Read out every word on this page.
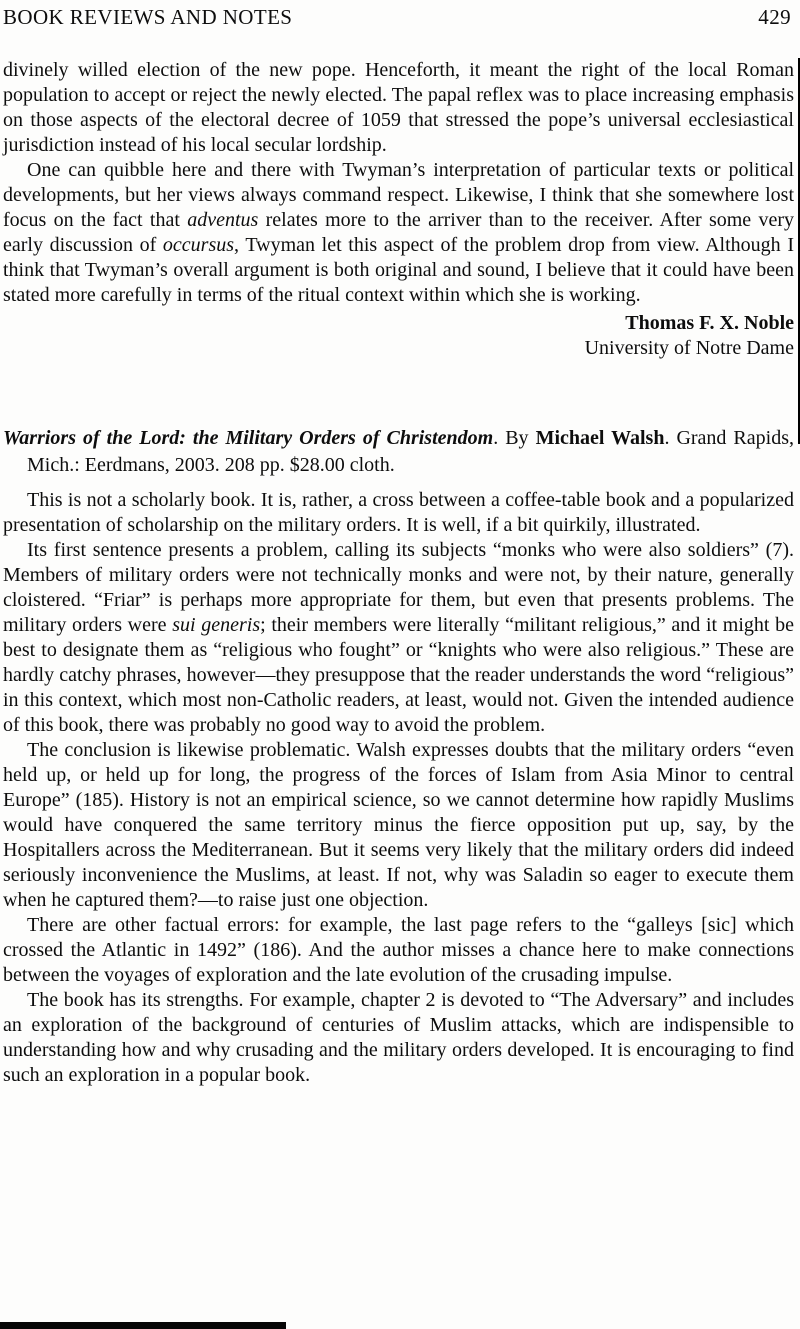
BOOK REVIEWS AND NOTES	429

divinely willed election of the new pope. Henceforth, it meant the right of the local Roman population to accept or reject the newly elected. The papal reflex was to place increasing emphasis on those aspects of the electoral decree of 1059 that stressed the pope’s universal ecclesiastical jurisdiction instead of his local secular lordship.

One can quibble here and there with Twyman’s interpretation of particular texts or political developments, but her views always command respect. Likewise, I think that she somewhere lost focus on the fact that adventus relates more to the arriver than to the receiver. After some very early discussion of occursus, Twyman let this aspect of the problem drop from view. Although I think that Twyman’s overall argument is both original and sound, I believe that it could have been stated more carefully in terms of the ritual context within which she is working.

Thomas F. X. Noble
University of Notre Dame

Warriors of the Lord: the Military Orders of Christendom. By Michael Walsh. Grand Rapids, Mich.: Eerdmans, 2003. 208 pp. $28.00 cloth.

This is not a scholarly book. It is, rather, a cross between a coffee-table book and a popularized presentation of scholarship on the military orders. It is well, if a bit quirkily, illustrated.

Its first sentence presents a problem, calling its subjects “monks who were also soldiers” (7). Members of military orders were not technically monks and were not, by their nature, generally cloistered. “Friar” is perhaps more appropriate for them, but even that presents problems. The military orders were sui generis; their members were literally “militant religious,” and it might be best to designate them as “religious who fought” or “knights who were also religious.” These are hardly catchy phrases, however—they presuppose that the reader understands the word “religious” in this context, which most non-Catholic readers, at least, would not. Given the intended audience of this book, there was probably no good way to avoid the problem.

The conclusion is likewise problematic. Walsh expresses doubts that the military orders “even held up, or held up for long, the progress of the forces of Islam from Asia Minor to central Europe” (185). History is not an empirical science, so we cannot determine how rapidly Muslims would have conquered the same territory minus the fierce opposition put up, say, by the Hospitallers across the Mediterranean. But it seems very likely that the military orders did indeed seriously inconvenience the Muslims, at least. If not, why was Saladin so eager to execute them when he captured them?—to raise just one objection.

There are other factual errors: for example, the last page refers to the “galleys [sic] which crossed the Atlantic in 1492” (186). And the author misses a chance here to make connections between the voyages of exploration and the late evolution of the crusading impulse.

The book has its strengths. For example, chapter 2 is devoted to “The Adversary” and includes an exploration of the background of centuries of Muslim attacks, which are indispensible to understanding how and why crusading and the military orders developed. It is encouraging to find such an exploration in a popular book.
